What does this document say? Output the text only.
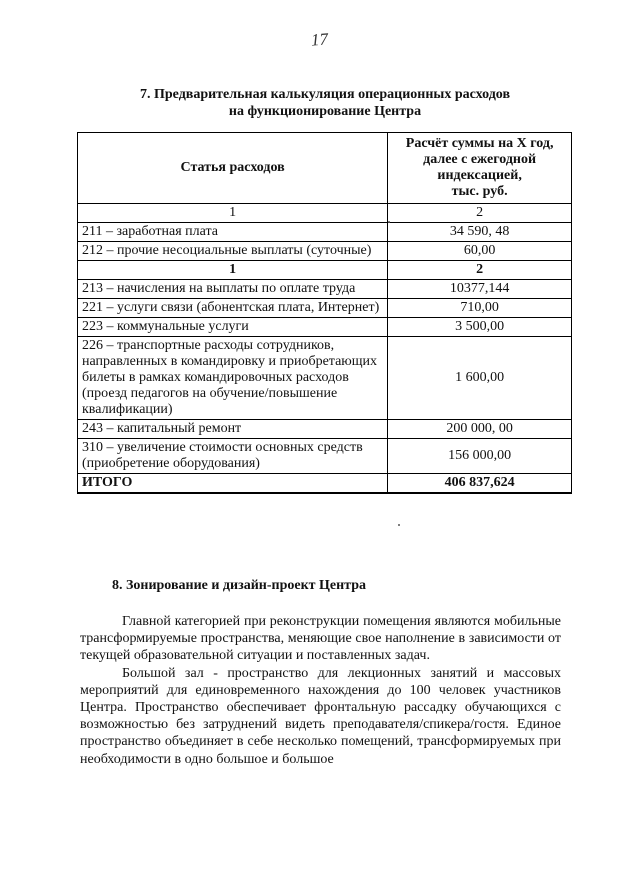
17
7. Предварительная калькуляция операционных расходов
на функционирование Центра
Статья расходов	Расчёт суммы на X год,
далее с ежегодной
индексацией,
тыс. руб.

1	2
211 – заработная плата	34 590, 48
212 – прочие несоциальные выплаты (суточные)	60,00
1	2
213 – начисления на выплаты по оплате труда	10377,144
221 – услуги связи (абонентская плата, Интернет)	710,00
223 – коммунальные услуги	3 500,00
226 – транспортные расходы сотрудников, направленных в командировку и приобретающих билеты в рамках командировочных расходов (проезд педагогов на обучение/повышение квалификации)	1 600,00
243 – капитальный ремонт	200 000, 00
310 – увеличение стоимости основных средств (приобретение оборудования)	156 000,00
ИТОГО	406 837,624
8. Зонирование и дизайн-проект Центра

Главной категорией при реконструкции помещения являются мобильные трансформируемые пространства, меняющие свое наполнение в зависимости от текущей образовательной ситуации и поставленных задач.

Большой зал - пространство для лекционных занятий и массовых мероприятий для единовременного нахождения до 100 человек участников Центра. Пространство обеспечивает фронтальную рассадку обучающихся с возможностью без затруднений видеть преподавателя/спикера/гостя. Единое пространство объединяет в себе несколько помещений, трансформируемых при необходимости в одно большое и большое
